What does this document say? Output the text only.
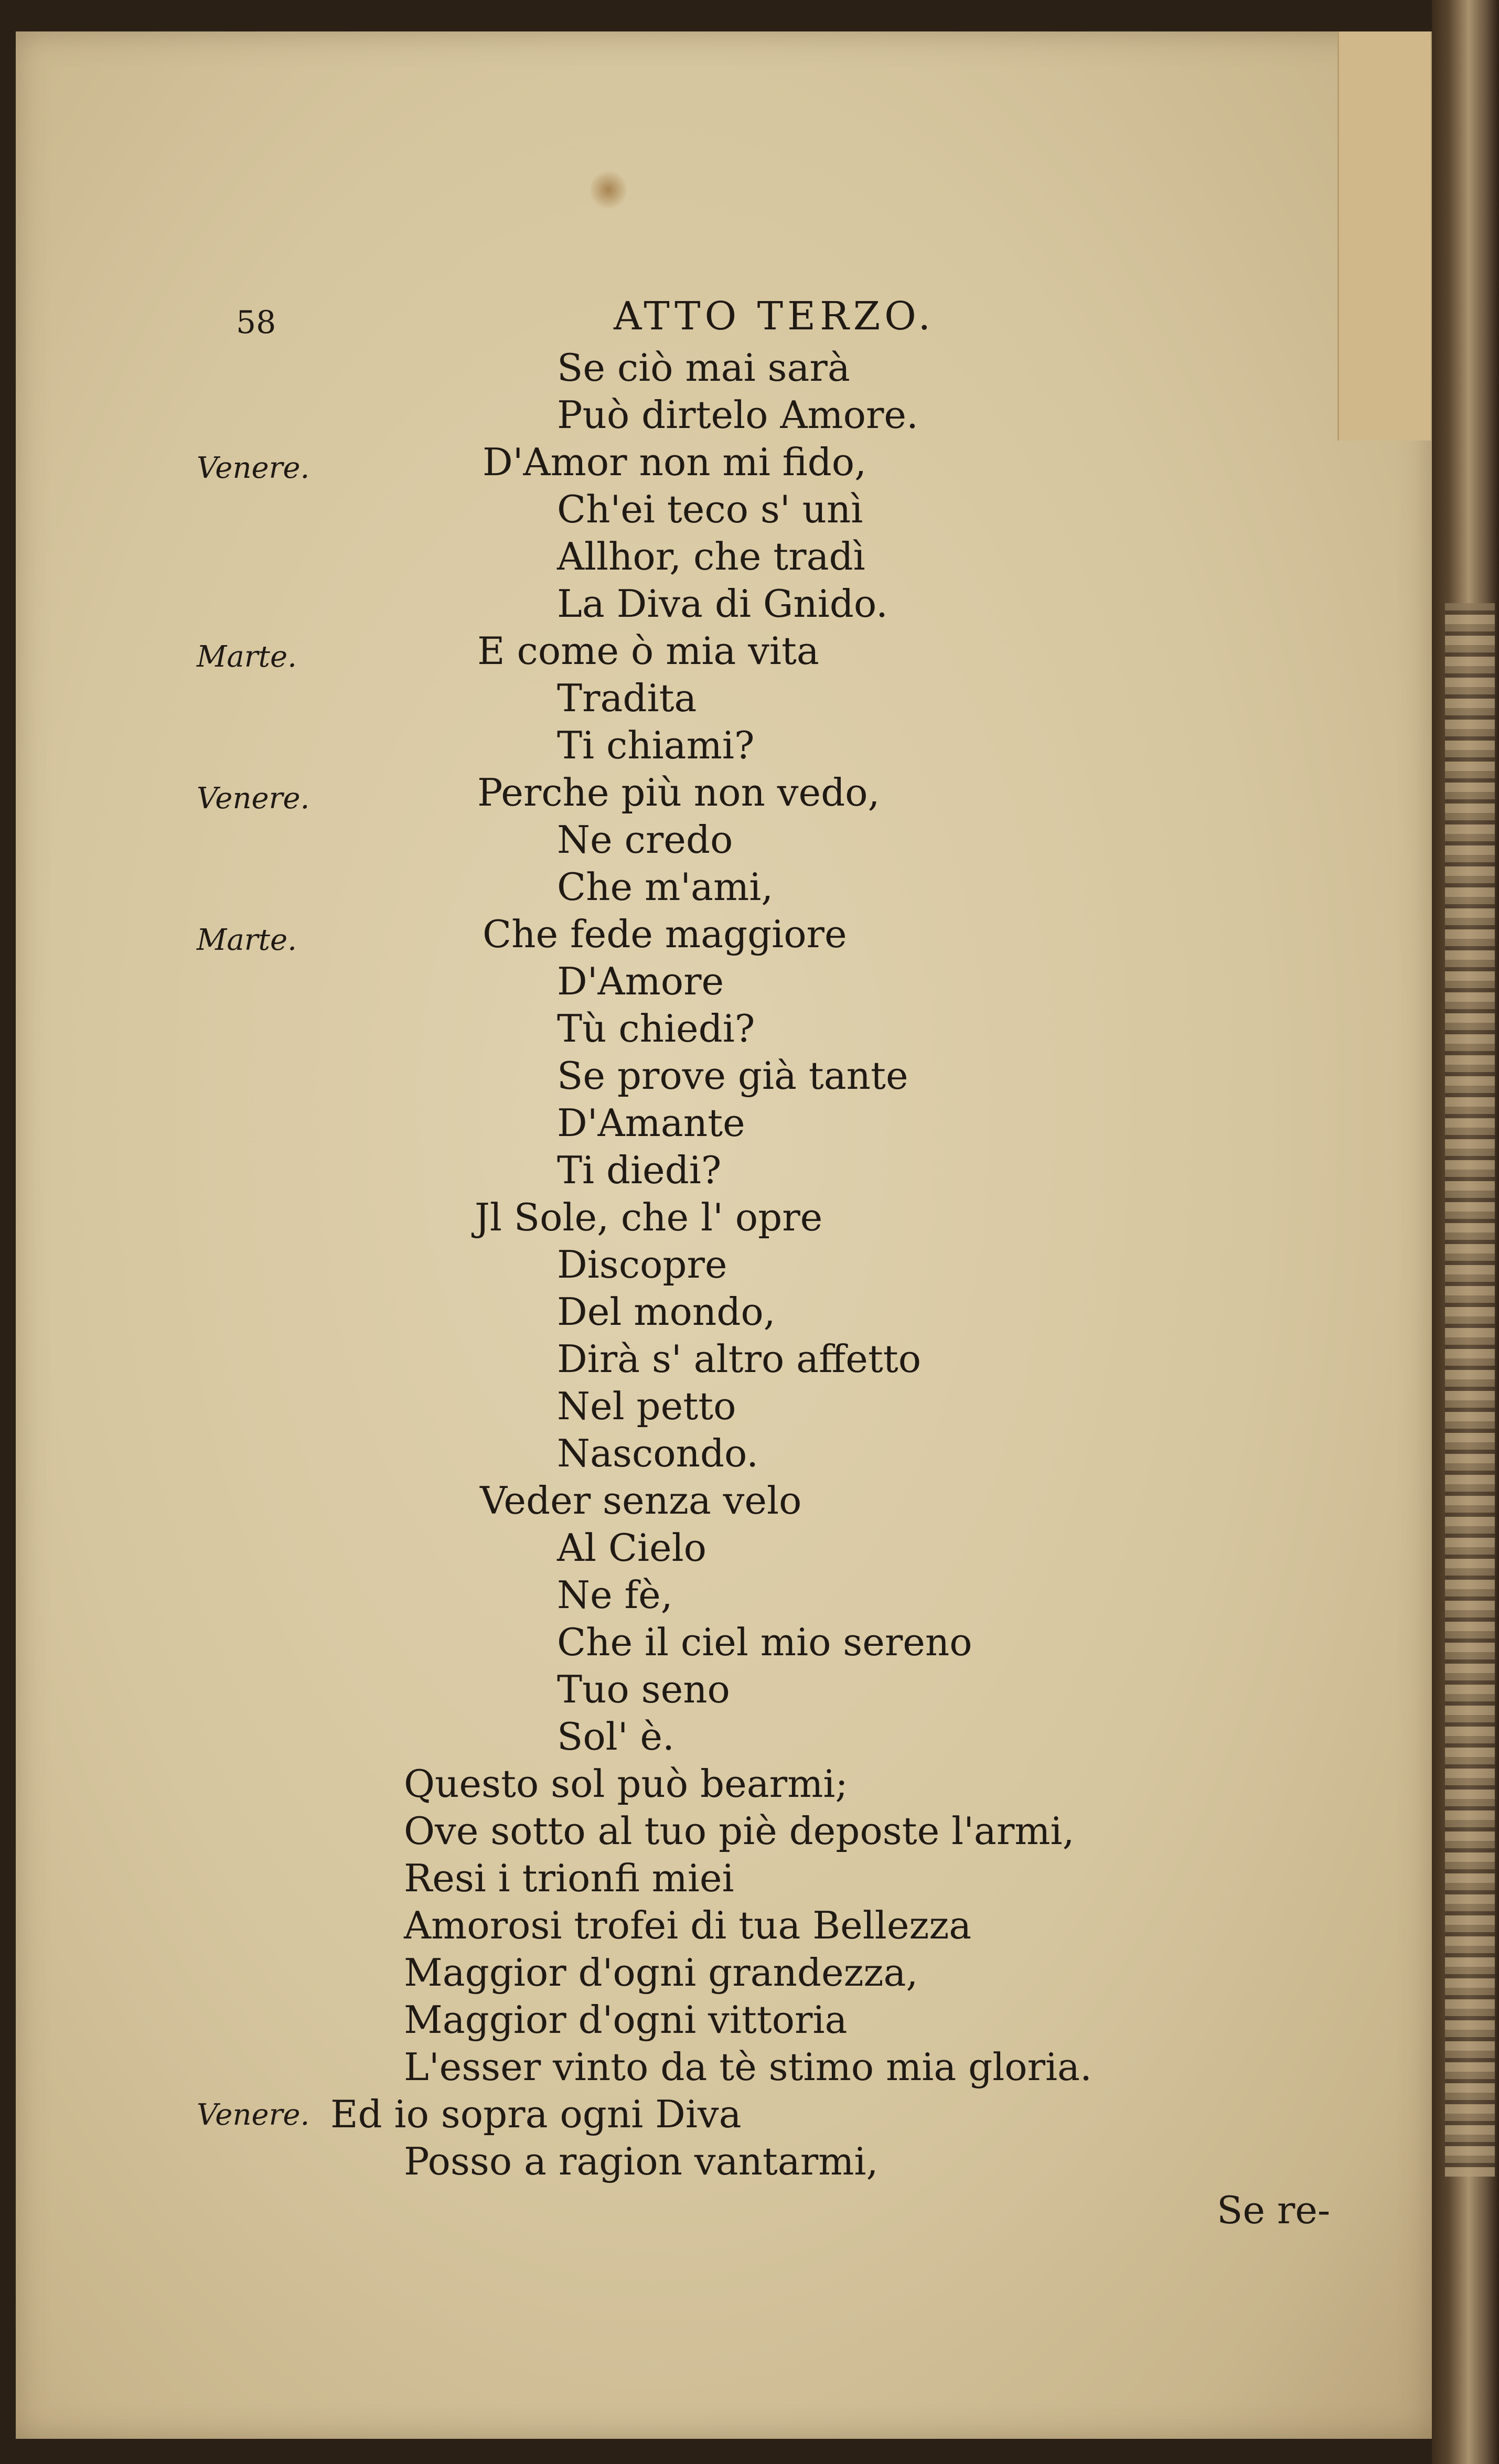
58	ATTO TERZO.
Venere.
Marte.
Venere.
Marte.
Venere.
Se ciò mai sarà
Può dirtelo Amore.
D'Amor non mi fido,
Ch'ei teco s' unì
Allhor, che tradì
La Diva di Gnido.
E come ò mia vita
Tradita
Ti chiami?
Perche più non vedo,
Ne credo
Che m'ami,
Che fede maggiore
D'Amore
Tù chiedi?
Se prove già tante
D'Amante
Ti diedi?
Jl Sole, che l' opre
Discopre
Del mondo,
Dirà s' altro affetto
Nel petto
Nascondo.
Veder senza velo
Al Cielo
Ne fè,
Che il ciel mio sereno
Tuo seno
Sol' è.
Questo sol può bearmi;
Ove sotto al tuo piè deposte l'armi,
Resi i trionfi miei
Amorosi trofei di tua Bellezza
Maggior d'ogni grandezza,
Maggior d'ogni vittoria
L'esser vinto da tè stimo mia gloria.
Ed io sopra ogni Diva
Posso a ragion vantarmi,
Se re-
